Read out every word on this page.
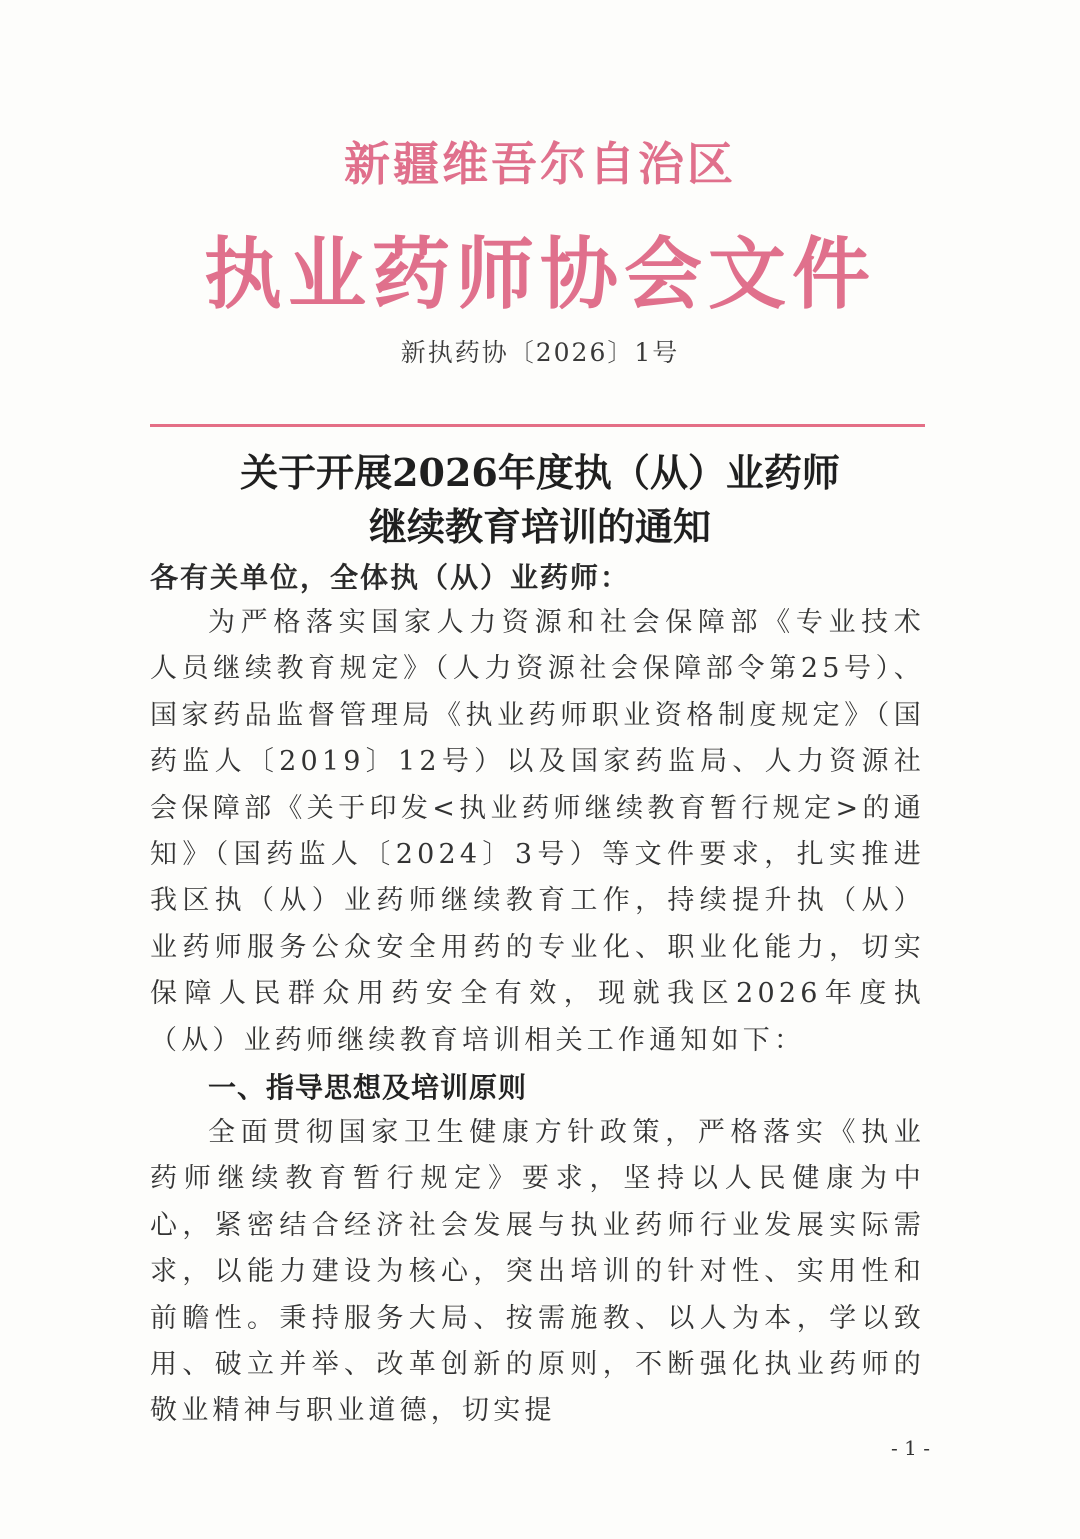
新疆维吾尔自治区
执业药师协会文件
新执药协〔2026〕1号
关于开展2026年度执（从）业药师
继续教育培训的通知
各有关单位，全体执（从）业药师：
为严格落实国家人力资源和社会保障部《专业技术人员继续教育规定》（人力资源社会保障部令第25号）、国家药品监督管理局《执业药师职业资格制度规定》（国药监人〔2019〕12号）以及国家药监局、人力资源社会保障部《关于印发<执业药师继续教育暂行规定>的通知》（国药监人〔2024〕3号）等文件要求，扎实推进我区执（从）业药师继续教育工作，持续提升执（从）业药师服务公众安全用药的专业化、职业化能力，切实保障人民群众用药安全有效，现就我区2026年度执（从）业药师继续教育培训相关工作通知如下：
一、指导思想及培训原则
全面贯彻国家卫生健康方针政策，严格落实《执业药师继续教育暂行规定》要求，坚持以人民健康为中心，紧密结合经济社会发展与执业药师行业发展实际需求，以能力建设为核心，突出培训的针对性、实用性和前瞻性。秉持服务大局、按需施教、以人为本，学以致用、破立并举、改革创新的原则，不断强化执业药师的敬业精神与职业道德，切实提
- 1 -
